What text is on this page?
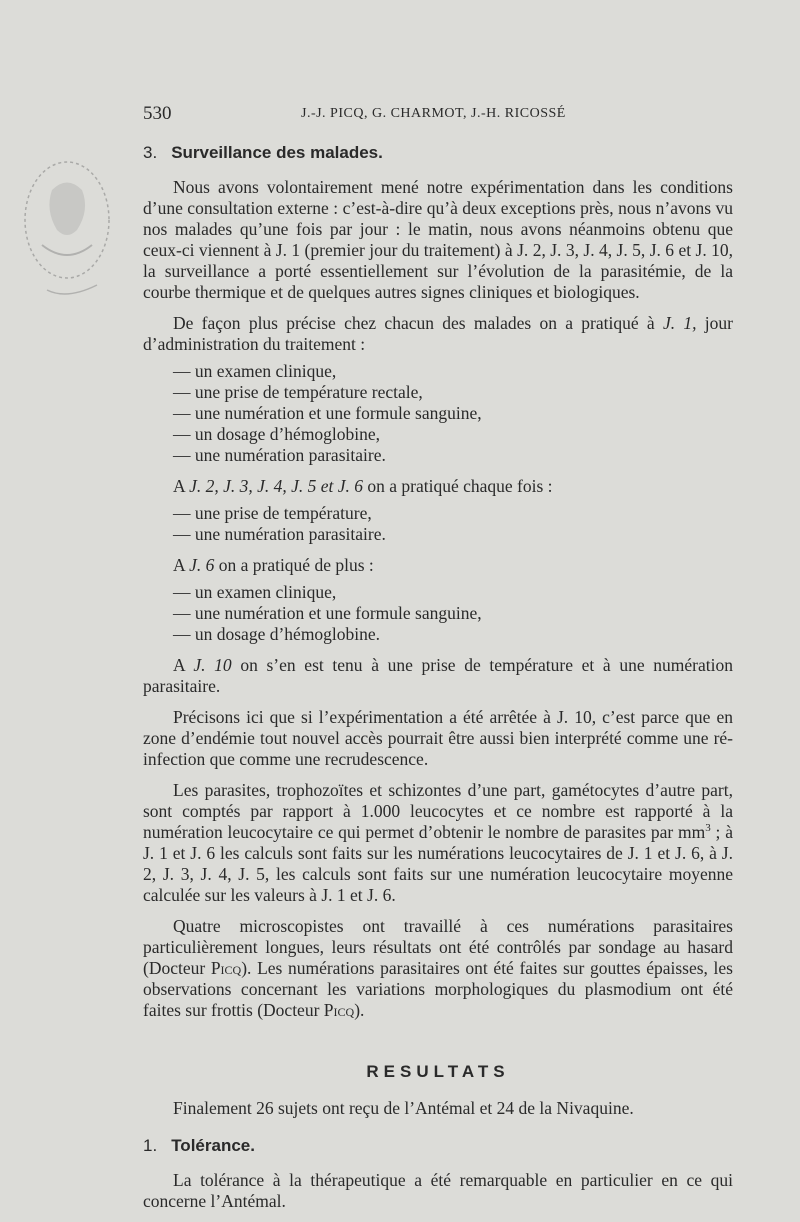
530	J.-J. PICQ, G. CHARMOT, J.-H. RICOSSÉ
3. Surveillance des malades.

Nous avons volontairement mené notre expérimentation dans les conditions d’une consultation externe : c’est-à-dire qu’à deux exceptions près, nous n’avons vu nos malades qu’une fois par jour : le matin, nous avons néanmoins obtenu que ceux-ci viennent à J. 1 (premier jour du traitement) à J. 2, J. 3, J. 4, J. 5, J. 6 et J. 10, la surveillance a porté essentiellement sur l’évolution de la parasitémie, de la courbe thermique et de quelques autres signes cliniques et biologiques.

De façon plus précise chez chacun des malades on a pratiqué à J. 1, jour d’administration du traitement :

— un examen clinique,
— une prise de température rectale,
— une numération et une formule sanguine,
— un dosage d’hémoglobine,
— une numération parasitaire.

A J. 2, J. 3, J. 4, J. 5 et J. 6 on a pratiqué chaque fois :

— une prise de température,
— une numération parasitaire.

A J. 6 on a pratiqué de plus :

— un examen clinique,
— une numération et une formule sanguine,
— un dosage d’hémoglobine.

A J. 10 on s’en est tenu à une prise de température et à une numération parasitaire.

Précisons ici que si l’expérimentation a été arrêtée à J. 10, c’est parce que en zone d’endémie tout nouvel accès pourrait être aussi bien interprété comme une ré-infection que comme une recrudescence.

Les parasites, trophozoïtes et schizontes d’une part, gamétocytes d’autre part, sont comptés par rapport à 1.000 leucocytes et ce nombre est rapporté à la numération leucocytaire ce qui permet d’obtenir le nombre de parasites par $mm^3$ ; à J. 1 et J. 6 les calculs sont faits sur les numérations leucocytaires de J. 1 et J. 6, à J. 2, J. 3, J. 4, J. 5, les calculs sont faits sur une numération leucocytaire moyenne calculée sur les valeurs à J. 1 et J. 6.

Quatre microscopistes ont travaillé à ces numérations parasitaires particulièrement longues, leurs résultats ont été contrôlés par sondage au hasard (Docteur Picq). Les numérations parasitaires ont été faites sur gouttes épaisses, les observations concernant les variations morphologiques du plasmodium ont été faites sur frottis (Docteur Picq).

RESULTATS

Finalement 26 sujets ont reçu de l’Antémal et 24 de la Nivaquine.

1. Tolérance.

La tolérance à la thérapeutique a été remarquable en particulier en ce qui concerne l’Antémal.
